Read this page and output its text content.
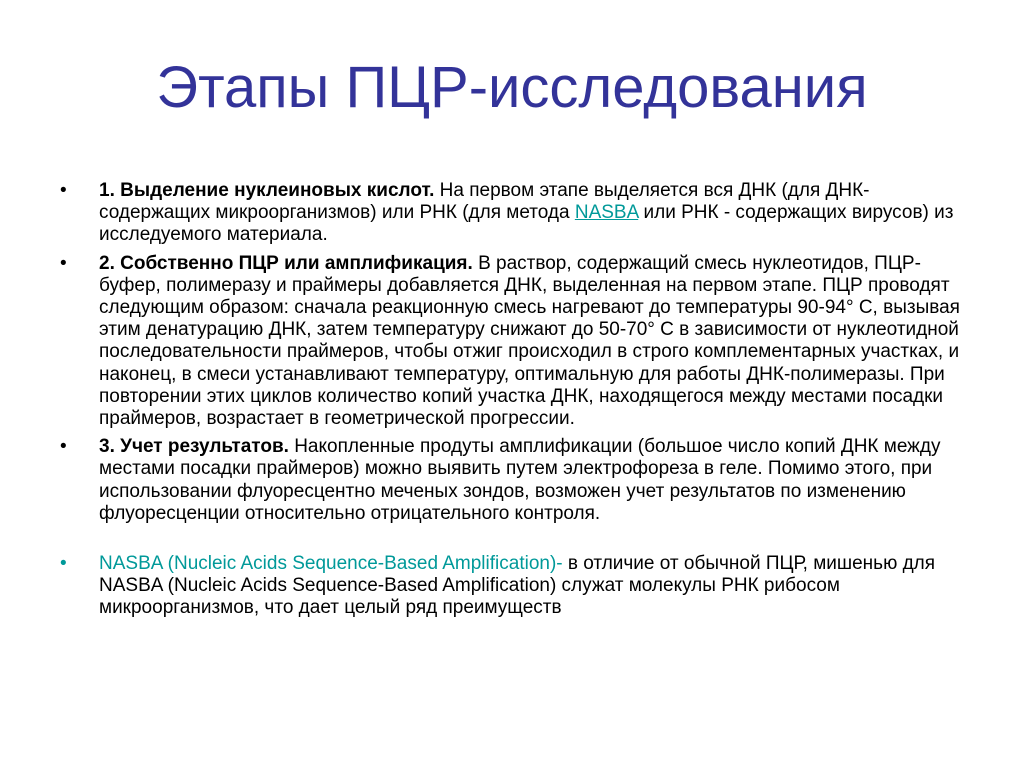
Этапы ПЦР-исследования
•	1. Выделение нуклеиновых кислот. На первом этапе выделяется вся ДНК (для ДНК-содержащих микроорганизмов) или РНК (для метода NASBA или РНК - содержащих вирусов) из исследуемого материала.
•	2. Собственно ПЦР или амплификация. В раствор, содержащий смесь нуклеотидов, ПЦР-буфер, полимеразу и праймеры добавляется ДНК, выделенная на первом этапе. ПЦР проводят следующим образом: сначала реакционную смесь нагревают до температуры 90-94° С, вызывая этим денатурацию ДНК, затем температуру снижают до 50-70° С в зависимости от нуклеотидной последовательности праймеров, чтобы отжиг происходил в строго комплементарных участках, и наконец, в смеси устанавливают температуру, оптимальную для работы ДНК-полимеразы. При повторении этих циклов количество копий участка ДНК, находящегося между местами посадки праймеров, возрастает в геометрической прогрессии.
•	3. Учет результатов. Накопленные продуты амплификации (большое число копий ДНК между местами посадки праймеров) можно выявить путем электрофореза в геле. Помимо этого, при использовании флуоресцентно меченых зондов, возможен учет результатов по изменению флуоресценции относительно отрицательного контроля.
•	NASBA (Nucleic Acids Sequence-Based Amplification)- в отличие от обычной ПЦР, мишенью для NASBA (Nucleic Acids Sequence-Based Amplification) служат молекулы РНК рибосом микроорганизмов, что дает целый ряд преимуществ
